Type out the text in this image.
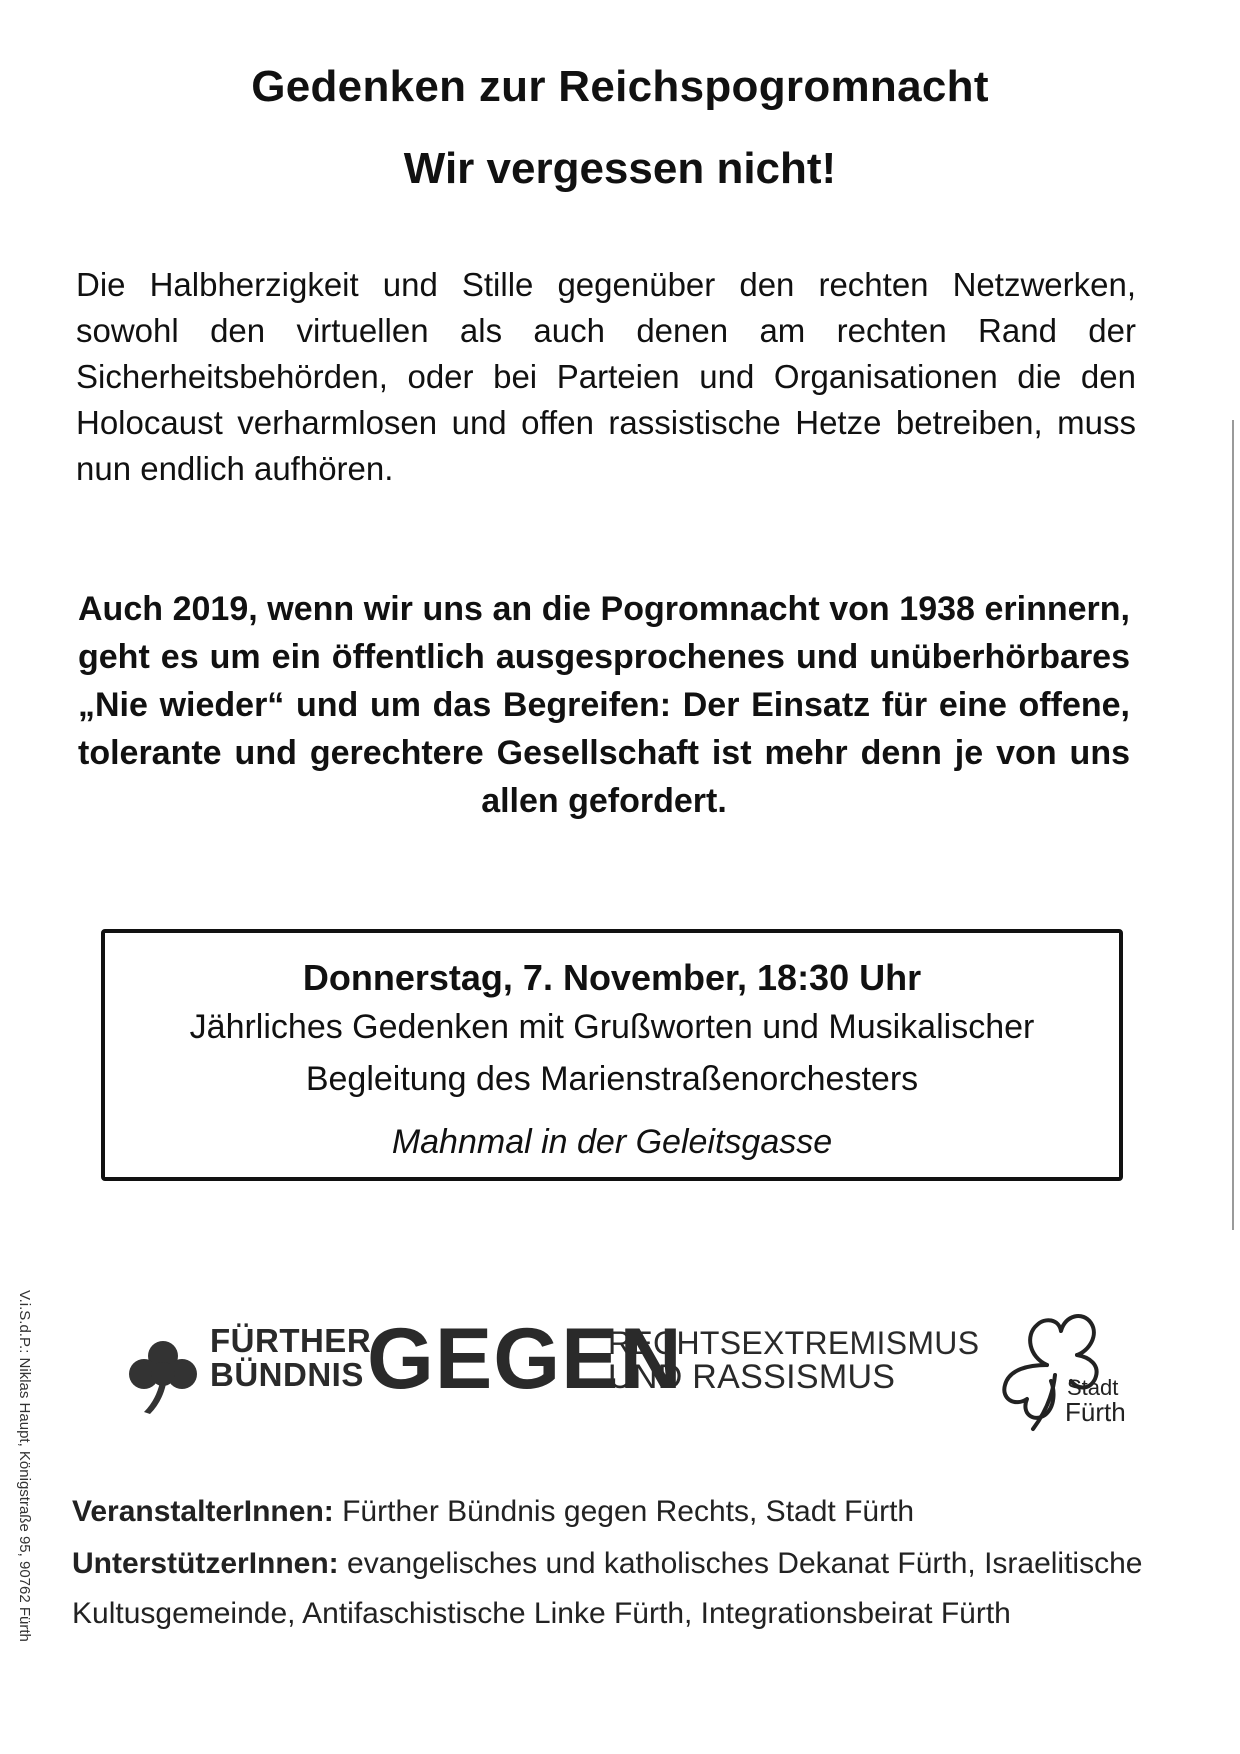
Gedenken zur Reichspogromnacht
Wir vergessen nicht!
Die Halbherzigkeit und Stille gegenüber den rechten Netzwerken, sowohl den virtuellen als auch denen am rechten Rand der Sicherheitsbehörden, oder bei Parteien und Organisationen die den Holocaust verharmlosen und offen rassistische Hetze betreiben, muss nun endlich aufhören.
Auch 2019, wenn wir uns an die Pogromnacht von 1938 erinnern, geht es um ein öffentlich ausgesprochenes und unüberhörbares „Nie wieder“ und um das Begreifen: Der Einsatz für eine offene, tolerante und gerechtere Gesellschaft ist mehr denn je von uns allen gefordert.
Donnerstag, 7. November, 18:30 Uhr
Jährliches Gedenken mit Grußworten und Musikalischer
Begleitung des Marienstraßenorchesters
Mahnmal in der Geleitsgasse
FÜRTHER
BÜNDNIS GEGEN
RECHTSEXTREMISMUS
UND RASSISMUS	Stadt
Fürth
VeranstalterInnen: Fürther Bündnis gegen Rechts, Stadt Fürth
UnterstützerInnen: evangelisches und katholisches Dekanat Fürth, Israelitische
Kultusgemeinde, Antifaschistische Linke Fürth, Integrationsbeirat Fürth
V.i.S.d.P.: Niklas Haupt, Königstraße 95, 90762 Fürth
